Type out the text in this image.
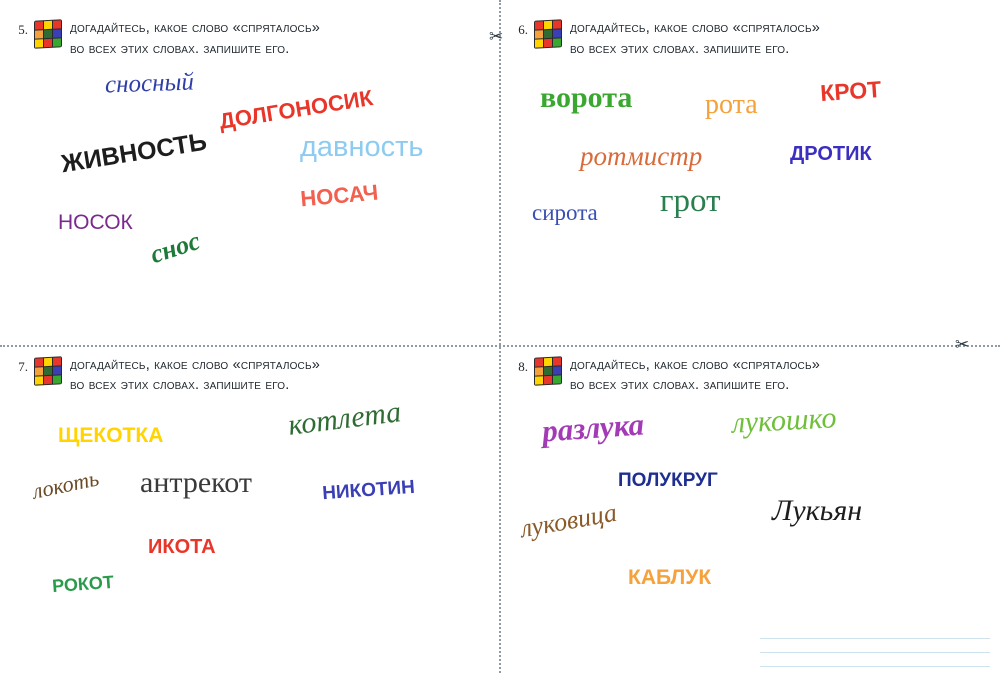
5.	догадайтесь, какое слово «спряталось»
во всех этих словах. запишите его.
сносный долгоносик
давность
живность
носач
носок
снос
6.	догадайтесь, какое слово «спряталось»
во всех этих словах. запишите его.
ворота	рота крот
ротмистр	дротик
сирота грот
7.	догадайтесь, какое слово «спряталось»
во всех этих словах. запишите его.
щекотка	котлета
локоть антрекот	никотин
икота
рокот
8.	догадайтесь, какое слово «спряталось»
во всех этих словах. запишите его.
разлука	лукошко
полукруг
луковица	Лукьян
каблук
✂
✂
